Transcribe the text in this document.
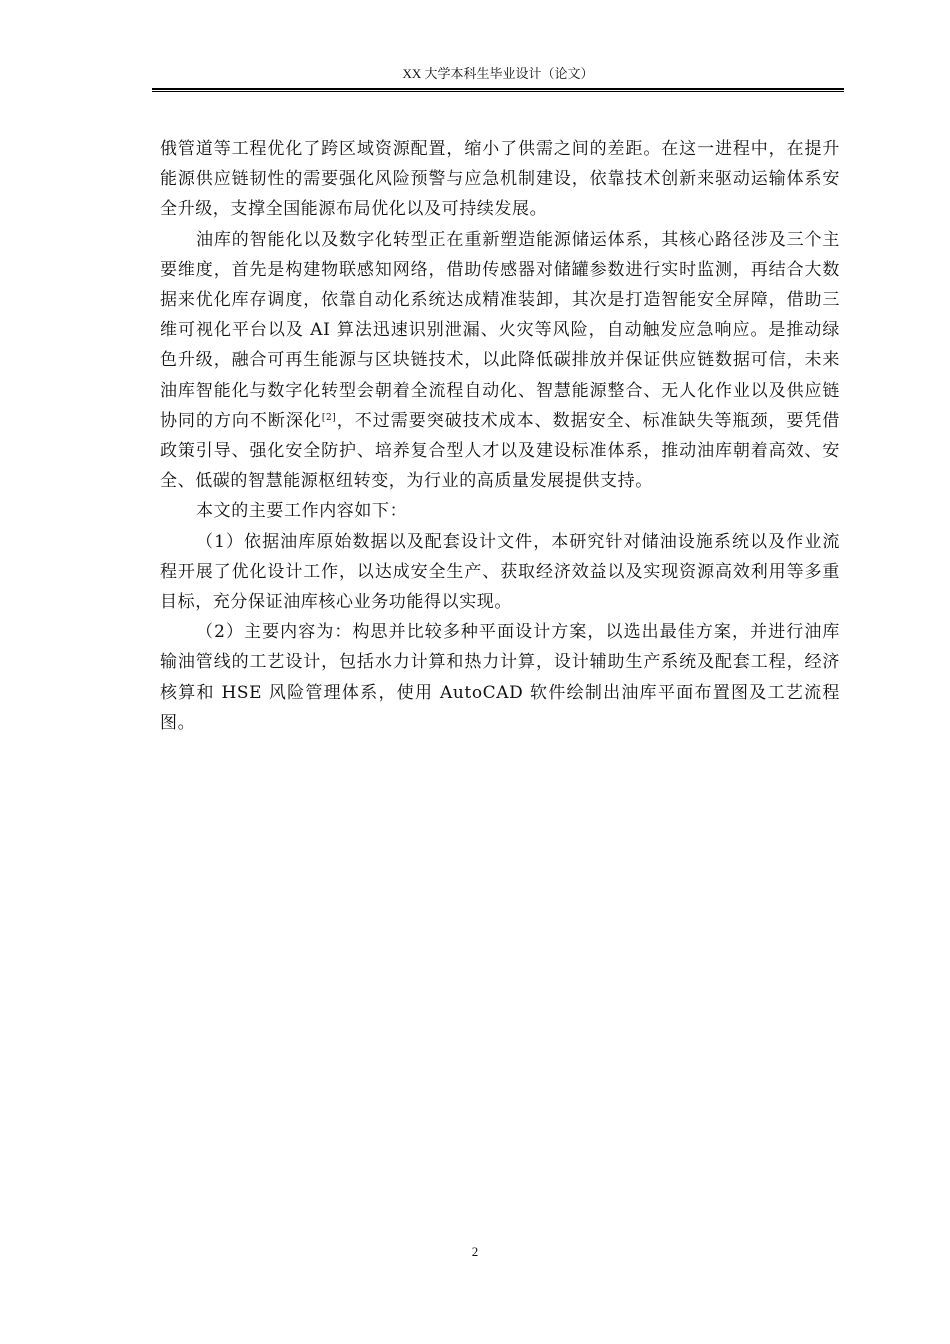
XX 大学本科生毕业设计（论文）

俄管道等工程优化了跨区域资源配置，缩小了供需之间的差距。在这一进程中，在提升能源供应链韧性的需要强化风险预警与应急机制建设，依靠技术创新来驱动运输体系安全升级，支撑全国能源布局优化以及可持续发展。

油库的智能化以及数字化转型正在重新塑造能源储运体系，其核心路径涉及三个主要维度，首先是构建物联感知网络，借助传感器对储罐参数进行实时监测，再结合大数据来优化库存调度，依靠自动化系统达成精准装卸，其次是打造智能安全屏障，借助三维可视化平台以及 AI 算法迅速识别泄漏、火灾等风险，自动触发应急响应。是推动绿色升级，融合可再生能源与区块链技术，以此降低碳排放并保证供应链数据可信，未来油库智能化与数字化转型会朝着全流程自动化、智慧能源整合、无人化作业以及供应链协同的方向不断深化[2]，不过需要突破技术成本、数据安全、标准缺失等瓶颈，要凭借政策引导、强化安全防护、培养复合型人才以及建设标准体系，推动油库朝着高效、安全、低碳的智慧能源枢纽转变，为行业的高质量发展提供支持。

本文的主要工作内容如下：

（1）依据油库原始数据以及配套设计文件，本研究针对储油设施系统以及作业流程开展了优化设计工作，以达成安全生产、获取经济效益以及实现资源高效利用等多重目标，充分保证油库核心业务功能得以实现。

（2）主要内容为：构思并比较多种平面设计方案，以选出最佳方案，并进行油库输油管线的工艺设计，包括水力计算和热力计算，设计辅助生产系统及配套工程，经济核算和 HSE 风险管理体系，使用 AutoCAD 软件绘制出油库平面布置图及工艺流程图。

2
